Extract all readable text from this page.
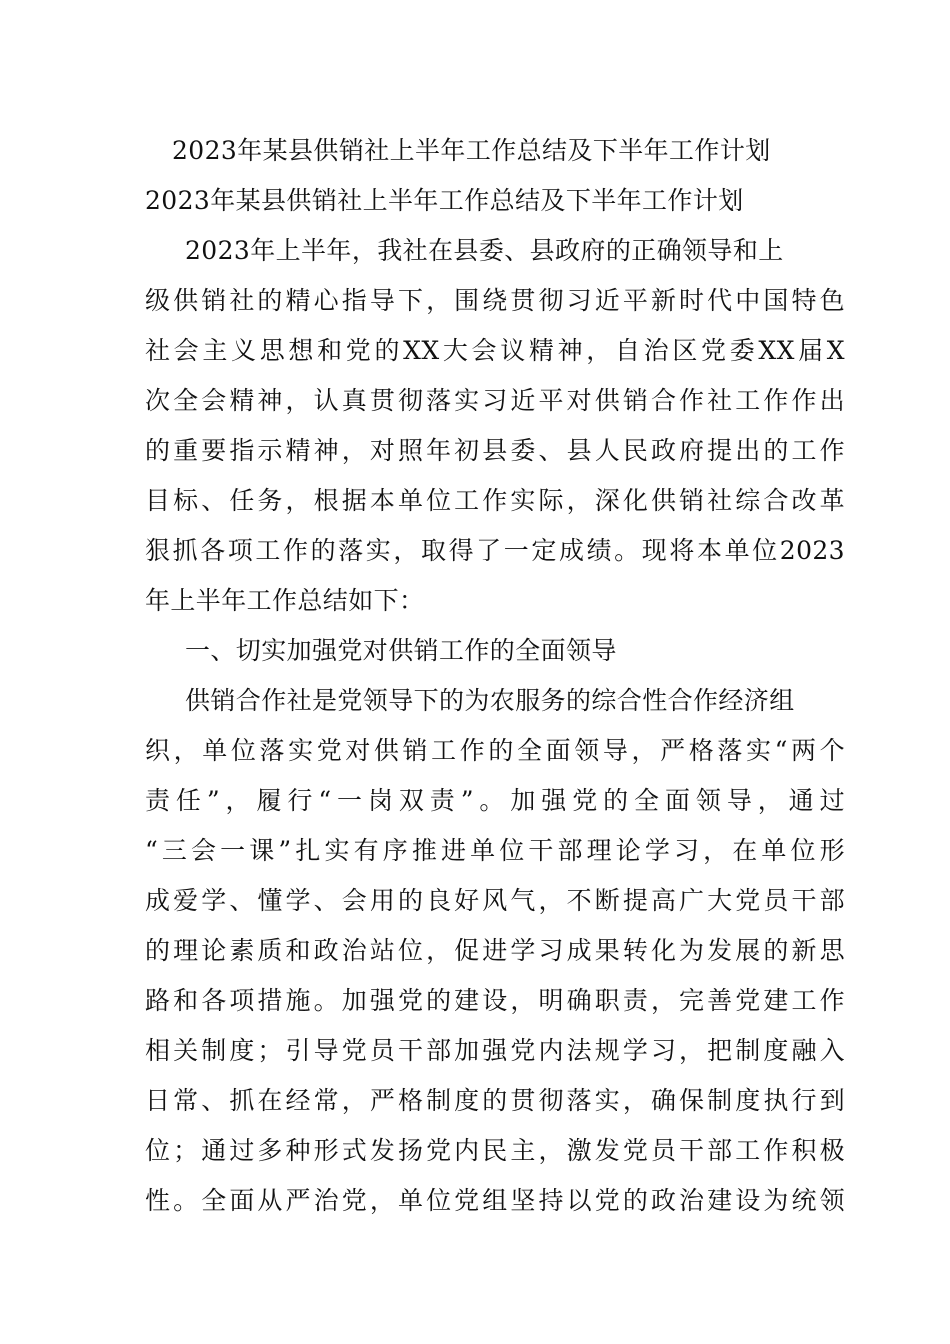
2023年某县供销社上半年工作总结及下半年工作计划
2023年某县供销社上半年工作总结及下半年工作计划
2023年上半年，我社在县委、县政府的正确领导和上
级供销社的精心指导下，围绕贯彻习近平新时代中国特色
社会主义思想和党的XX大会议精神，自治区党委XX届X
次全会精神，认真贯彻落实习近平对供销合作社工作作出
的重要指示精神，对照年初县委、县人民政府提出的工作
目标、任务，根据本单位工作实际，深化供销社综合改革
狠抓各项工作的落实，取得了一定成绩。现将本单位2023
年上半年工作总结如下：
一、切实加强党对供销工作的全面领导
供销合作社是党领导下的为农服务的综合性合作经济组
织，单位落实党对供销工作的全面领导，严格落实“两个
责任”，履行“一岗双责”。加强党的全面领导，通过
“三会一课”扎实有序推进单位干部理论学习，在单位形
成爱学、懂学、会用的良好风气，不断提高广大党员干部
的理论素质和政治站位，促进学习成果转化为发展的新思
路和各项措施。加强党的建设，明确职责，完善党建工作
相关制度；引导党员干部加强党内法规学习，把制度融入
日常、抓在经常，严格制度的贯彻落实，确保制度执行到
位；通过多种形式发扬党内民主，激发党员干部工作积极
性。全面从严治党，单位党组坚持以党的政治建设为统领
